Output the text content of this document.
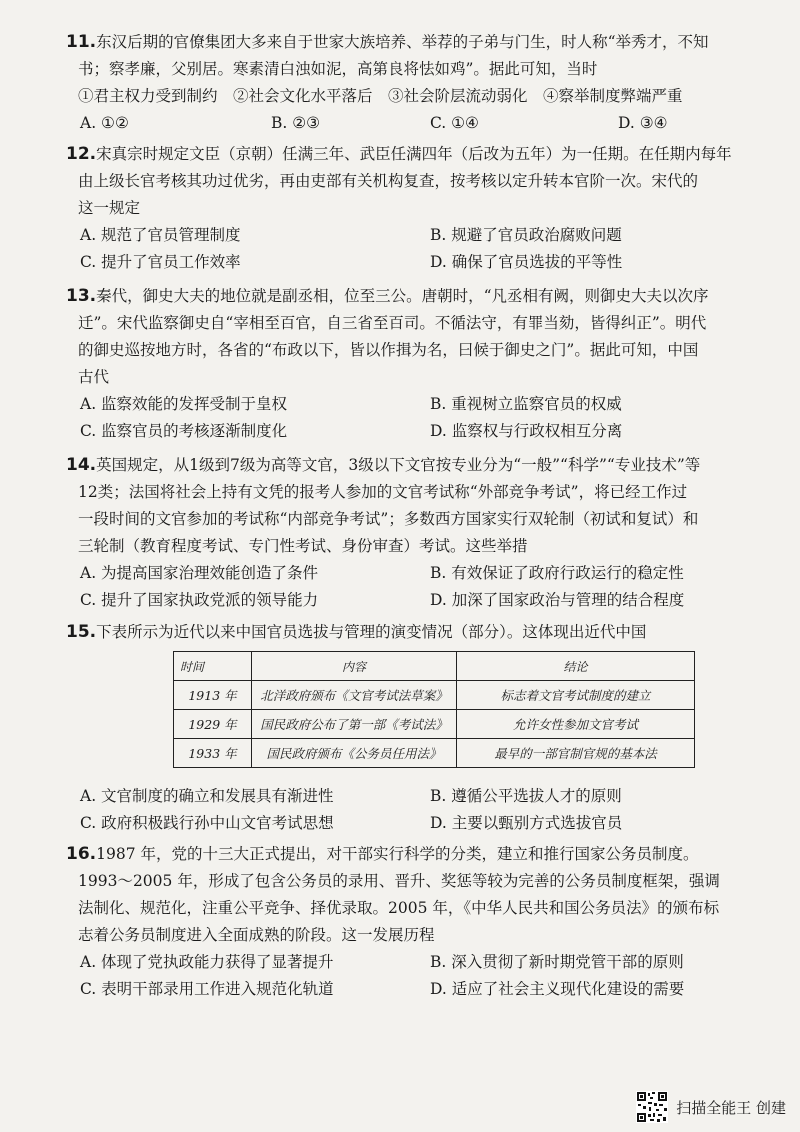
11.东汉后期的官僚集团大多来自于世家大族培养、举荐的子弟与门生，时人称“举秀才，不知
书；察孝廉，父别居。寒素清白浊如泥，高第良将怯如鸡”。据此可知，当时
①君主权力受到制约　②社会文化水平落后　③社会阶层流动弱化　④察举制度弊端严重
A. ①②	B. ②③	C. ①④	D. ③④
12.宋真宗时规定文臣（京朝）任满三年、武臣任满四年（后改为五年）为一任期。在任期内每年
由上级长官考核其功过优劣，再由吏部有关机构复查，按考核以定升转本官阶一次。宋代的
这一规定
A. 规范了官员管理制度	B. 规避了官员政治腐败问题
C. 提升了官员工作效率	D. 确保了官员选拔的平等性
13.秦代，御史大夫的地位就是副丞相，位至三公。唐朝时，“凡丞相有阙，则御史大夫以次序
迁”。宋代监察御史自“宰相至百官，自三省至百司。不循法守，有罪当劾，皆得纠正”。明代
的御史巡按地方时，各省的“布政以下，皆以作揖为名，曰候于御史之门”。据此可知，中国
古代
A. 监察效能的发挥受制于皇权	B. 重视树立监察官员的权威
C. 监察官员的考核逐渐制度化	D. 监察权与行政权相互分离
14.英国规定，从1级到7级为高等文官，3级以下文官按专业分为“一般”“科学”“专业技术”等
12类；法国将社会上持有文凭的报考人参加的文官考试称“外部竞争考试”，将已经工作过
一段时间的文官参加的考试称“内部竞争考试”；多数西方国家实行双轮制（初试和复试）和
三轮制（教育程度考试、专门性考试、身份审查）考试。这些举措
A. 为提高国家治理效能创造了条件	B. 有效保证了政府行政运行的稳定性
C. 提升了国家执政党派的领导能力	D. 加深了国家政治与管理的结合程度
15.下表所示为近代以来中国官员选拔与管理的演变情况（部分）。这体现出近代中国
时间	内容	结论
1913 年	北洋政府颁布《文官考试法草案》	标志着文官考试制度的建立
1929 年	国民政府公布了第一部《考试法》	允许女性参加文官考试
1933 年	国民政府颁布《公务员任用法》	最早的一部官制官规的基本法
A. 文官制度的确立和发展具有渐进性	B. 遵循公平选拔人才的原则
C. 政府积极践行孙中山文官考试思想	D. 主要以甄别方式选拔官员
16.1987 年，党的十三大正式提出，对干部实行科学的分类，建立和推行国家公务员制度。
1993～2005 年，形成了包含公务员的录用、晋升、奖惩等较为完善的公务员制度框架，强调
法制化、规范化，注重公平竞争、择优录取。2005 年，《中华人民共和国公务员法》的颁布标
志着公务员制度进入全面成熟的阶段。这一发展历程
A. 体现了党执政能力获得了显著提升	B. 深入贯彻了新时期党管干部的原则
C. 表明干部录用工作进入规范化轨道	D. 适应了社会主义现代化建设的需要
扫描全能王 创建
